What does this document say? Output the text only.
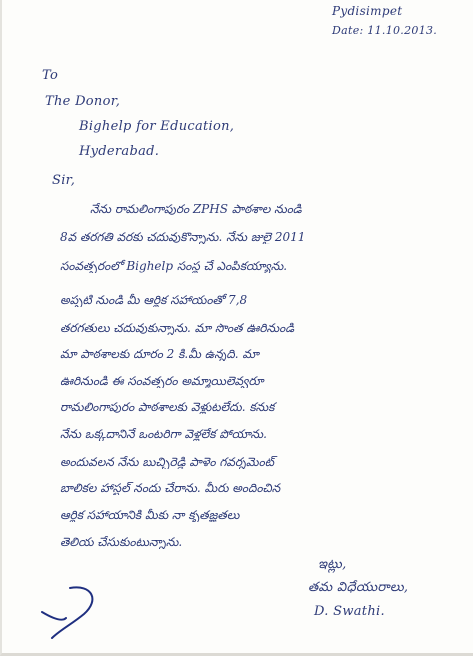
Pydisimpet
Date: 11.10.2013.
To
The Donor,
Bighelp for Education,
Hyderabad.
Sir,
నేను రామలింగాపురం ZPHS పాఠశాల నుండి
8వ తరగతి వరకు చదువుకొన్నాను. నేను జులై 2011
సంవత్సరంలో Bighelp సంస్థ చే ఎంపికయ్యాను.
అప్పటి నుండి మీ ఆర్థిక సహాయంతో 7,8
తరగతులు చదువుకున్నాను. మా సొంత ఊరినుండి
మా పాఠశాలకు దూరం 2 కి.మీ ఉన్నది. మా
ఊరినుండి ఈ సంవత్సరం అమ్మాయిలెవ్వరూ
రామలింగాపురం పాఠశాలకు వెళ్లుటలేదు. కనుక
నేను ఒక్కదానినే ఒంటరిగా వెళ్లలేక పోయాను.
అందువలన నేను బుచ్చిరెడ్డి పాళెం గవర్నమెంట్
బాలికల హాస్టల్ నందు చేరాను. మీరు అందించిన
ఆర్థిక సహాయానికి మీకు నా కృతజ్ఞతలు
తెలియ చేసుకుంటున్నాను.
ఇట్లు,
తమ విధేయురాలు,
D. Swathi.
